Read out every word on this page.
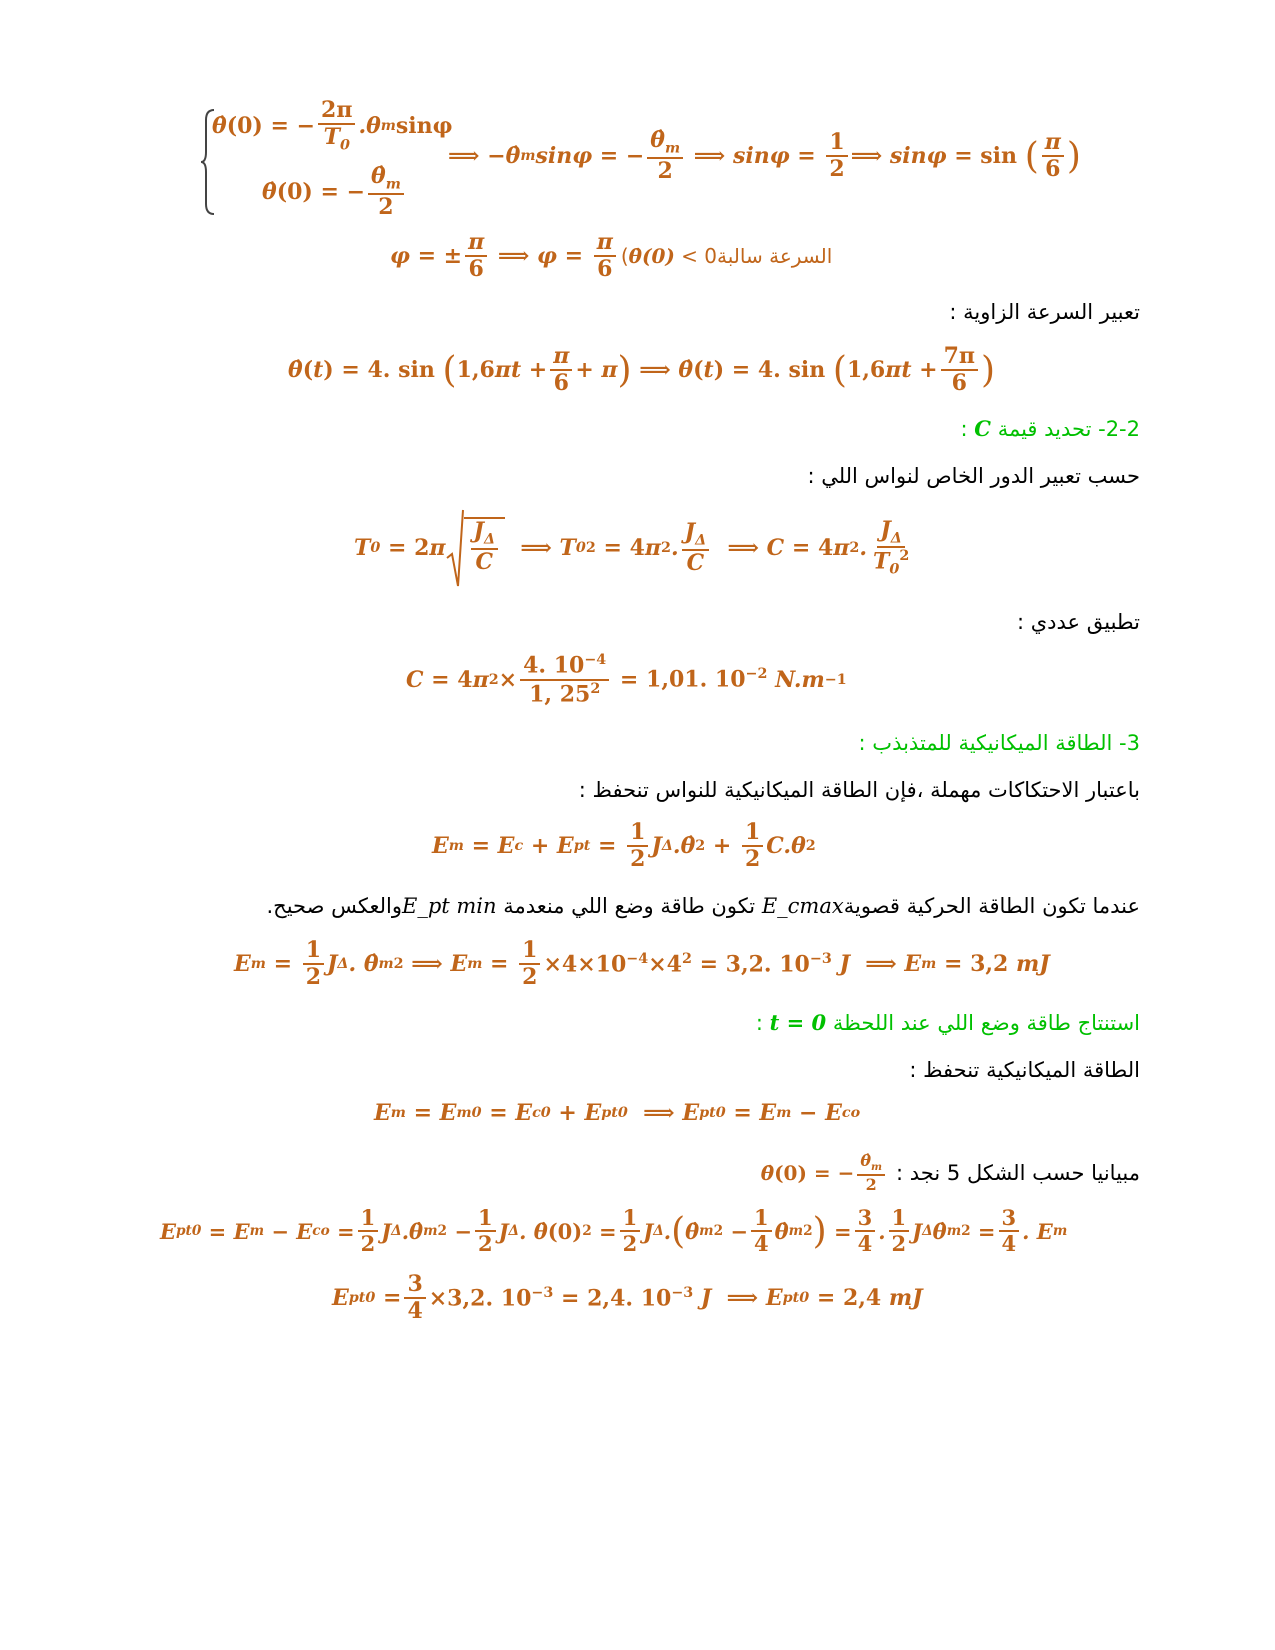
θ̇ (0) = − $\frac{2\pi}{T_0} .\theta$ m sinφ
θ̇ (0) = − $\frac{\thetȧ_m}{2}$
⟹ −θ̇ m sinφ = − $\frac{\thetȧ_m}{2}$ ⟹ $\sin\varphi = \frac{1}{2}$ ⟹ sinφ = sin
( $\frac{\pi}{6}$ )
φ = ± $\frac{\pi}{6}$ ⟹ $\varphi = \frac{\pi}{6}$ (θ̇(0) < 0⁧السرعة سالبة⁩
تعبير السرعة الزاوية :
θ̇ ( t ) = 4. sin
( 1,6 $\pi t + \frac{\pi}{6} + \pi$ ) ⟹ θ̇ ( t ) = 4. sin
( 1,6 $\pi t + \frac{7\pi}{6}$ )
2-2- تحديد قيمة C :
حسب تعبير الدور الخاص لنواس اللي :
T 0 = 2 π $\frac{J_\Delta}{C}$ ⟹ T 0 2 = 4 π 2 . $\frac{J_\Delta}{C}$ ⟹ C = 4 π 2 . $\frac{J_\Delta}{T_0^2}$
تطبيق عددي :
C = 4 π $2 \times \frac{4. 10^{-4}}{1, 25^2} = 1,01$. $10^{-2}$ N.m −1
3- الطاقة الميكانيكية للمتذبذب :
باعتبار الاحتكاكات مهملة ،فإن الطاقة الميكانيكية للنواس تنحفظ :
E m = E c + E pt = $\frac{1}{2}$ J Δ .θ̇ $2 + \frac{1}{2} C.\theta$ 2
عندما تكون الطاقة الحركية قصويةE_cmax تكون طاقة وضع اللي منعدمة E_pt minوالعكس صحيح.
E $m = \frac{1}{2}$ J Δ . θ̇ m 2 ⟹ E $m = \frac{1}{2} \times 4\times 10^{-4}\times 4^2 = 3,2$. $10^{-3}$ J  ⟹ E m = 3,2 mJ
استنتاج طاقة وضع اللي عند اللحظة t = 0 :
الطاقة الميكانيكية تنحفظ :
E m = E m0 = E c0 + E pt0 ⟹ E pt0 = E m − E co
مبيانيا حسب الشكل 5 نجد :
θ̇ (0) = − $\frac{\thetȧ_m}{2}$
E pt0 = E m − E co = $\frac{1}{2}$ J Δ .θ̇ m $2 - \frac{1}{2}$ J Δ . θ̇ (0) $2 = \frac{1}{2}$ J Δ . ( θ̇ m $2 - \frac{1}{4}$ θ̇ m 2 ) = $\frac{3}{4}$ . $\frac{1}{2}$ J Δ θ̇ m $2 = \frac{3}{4}$ . E m
E $pt0 = \frac{3}{4} \times 3,2$. $10^{-3} = 2,4$. $10^{-3}$ J  ⟹ E pt0 = 2,4 mJ
